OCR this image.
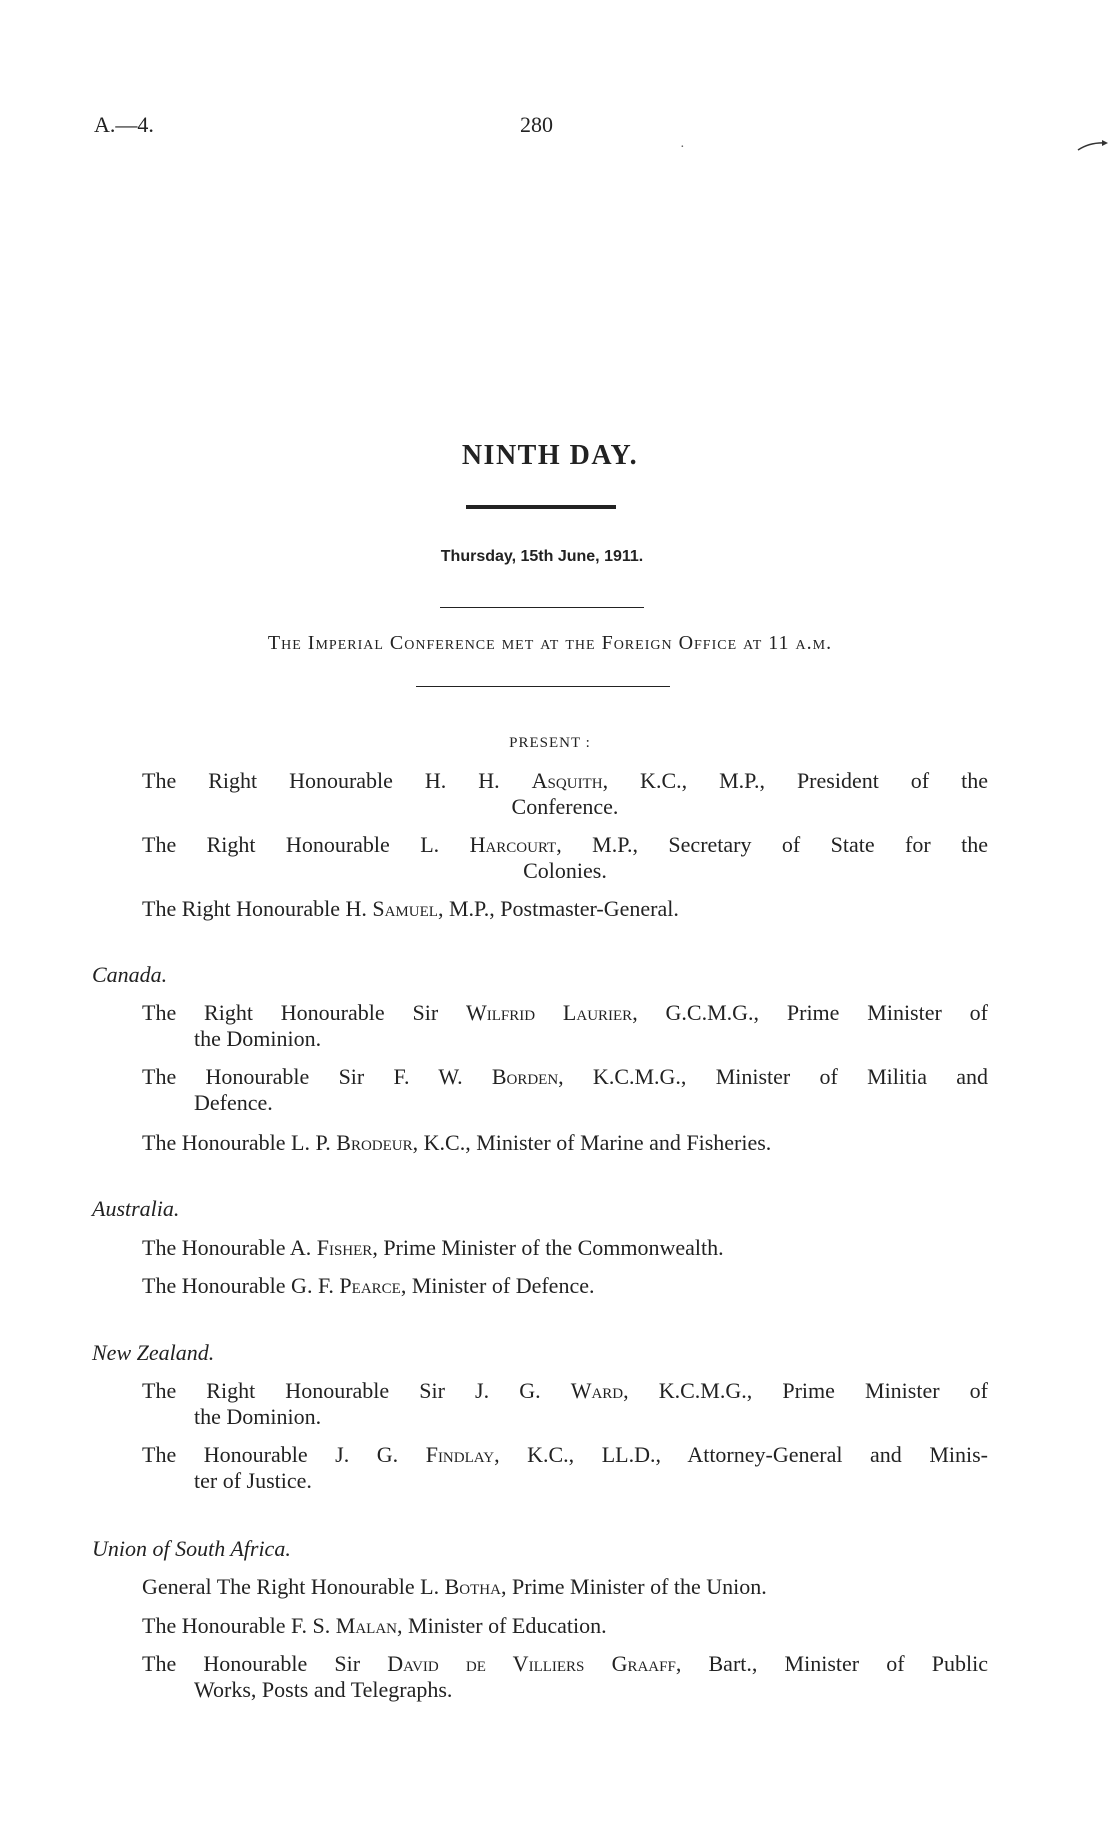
A.—4.	280
NINTH DAY.
Thursday, 15th June, 1911.
The Imperial Conference met at the Foreign Office at 11 a.m.
PRESENT :
The Right Honourable H. H. Asquith, K.C., M.P., President of the
Conference.
The Right Honourable L. Harcourt, M.P., Secretary of State for the
Colonies.
The Right Honourable H. Samuel, M.P., Postmaster-General.
Canada.
The Right Honourable Sir Wilfrid Laurier, G.C.M.G., Prime Minister of
the Dominion.
The Honourable Sir F. W. Borden, K.C.M.G., Minister of Militia and
Defence.
The Honourable L. P. Brodeur, K.C., Minister of Marine and Fisheries.
Australia.
The Honourable A. Fisher, Prime Minister of the Commonwealth.
The Honourable G. F. Pearce, Minister of Defence.
New Zealand.
The Right Honourable Sir J. G. Ward, K.C.M.G., Prime Minister of
the Dominion.
The Honourable J. G. Findlay, K.C., LL.D., Attorney-General and Minis-
ter of Justice.
Union of South Africa.
General The Right Honourable L. Botha, Prime Minister of the Union.
The Honourable F. S. Malan, Minister of Education.
The Honourable Sir David de Villiers Graaff, Bart., Minister of Public
Works, Posts and Telegraphs.
·
